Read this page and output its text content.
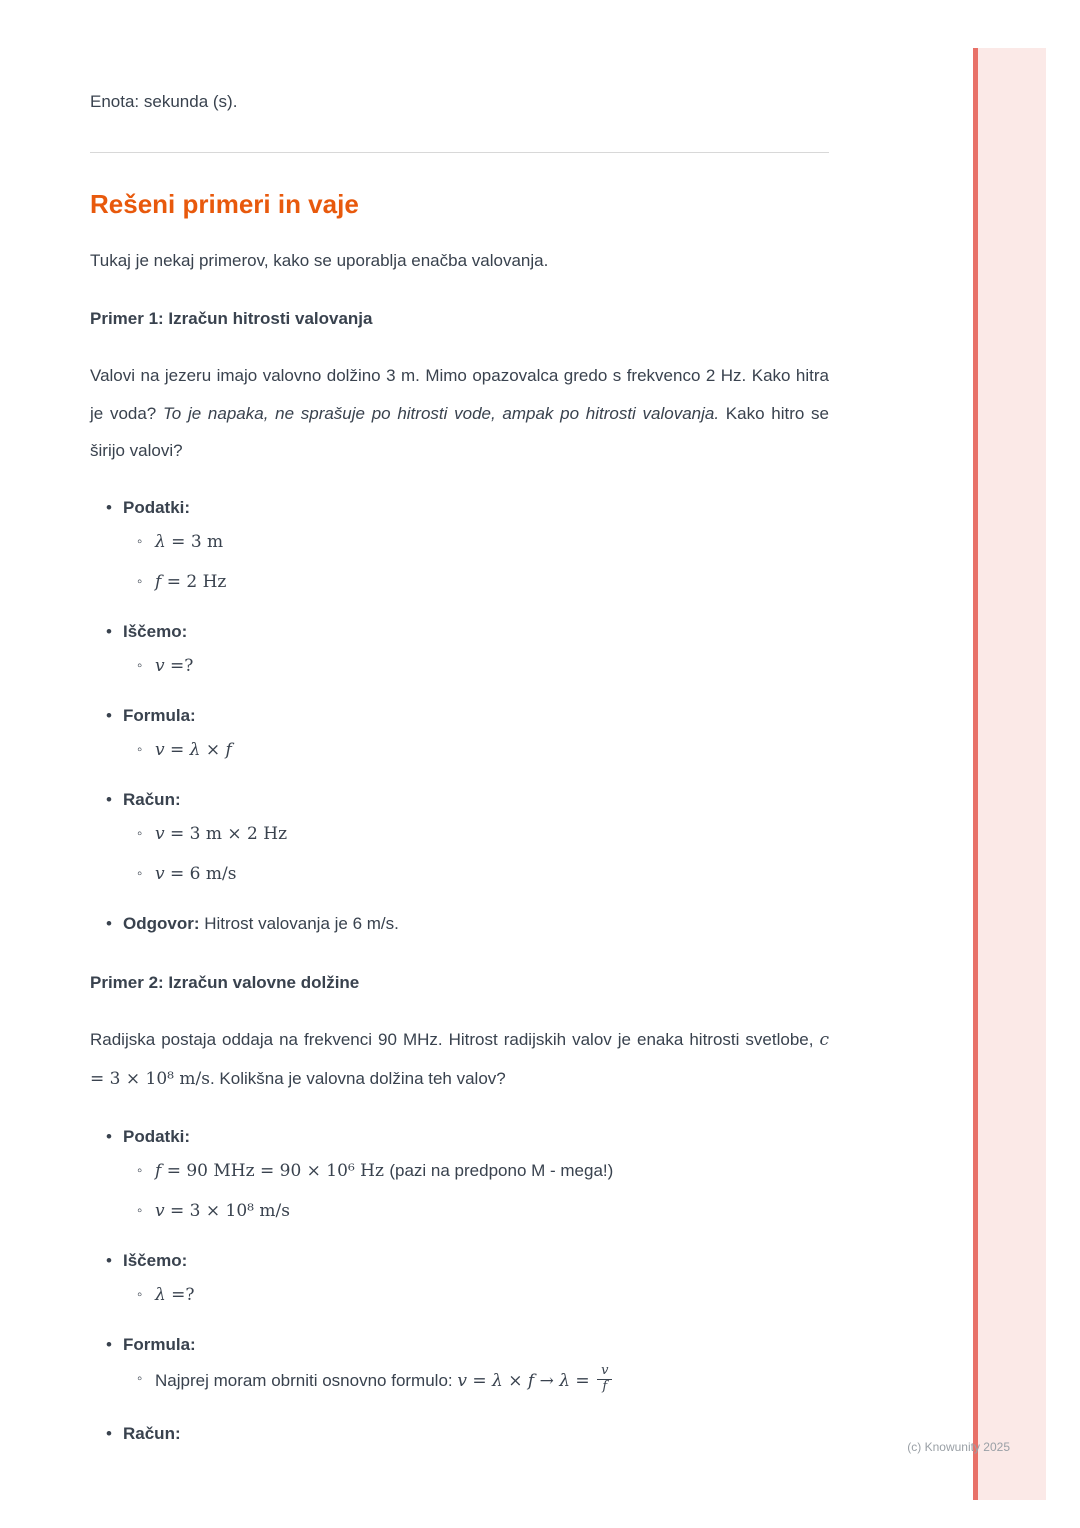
(c) Knowunity 2025

Enota: sekunda (s).

Rešeni primeri in vaje

Tukaj je nekaj primerov, kako se uporablja enačba valovanja.

Primer 1: Izračun hitrosti valovanja

Valovi na jezeru imajo valovno dolžino 3 m. Mimo opazovalca gredo s frekvenco 2 Hz. Kako hitra je voda? To je napaka, ne sprašuje po hitrosti vode, ampak po hitrosti valovanja. Kako hitro se širijo valovi?

• Podatki:
◦ λ = 3 m
◦ f = 2 Hz
• Iščemo:
◦ v =?
• Formula:
◦ v = λ × f
• Račun:
◦ v = 3 m × 2 Hz
◦ v = 6 m/s
• Odgovor: Hitrost valovanja je 6 m/s.
Primer 2: Izračun valovne dolžine

Radijska postaja oddaja na frekvenci 90 MHz. Hitrost radijskih valov je enaka hitrosti svetlobe, c = 3 × 10⁸ m/s. Kolikšna je valovna dolžina teh valov?

• Podatki:
◦ f = 90 MHz = 90 × 10⁶ Hz (pazi na predpono M - mega!)
◦ v = 3 × 10⁸ m/s
• Iščemo:
◦ λ =?
• Formula:
◦ Najprej moram obrniti osnovno formulo: $v = \lambda \times f \to \lambda = \frac{v}{f}$
• Račun:
